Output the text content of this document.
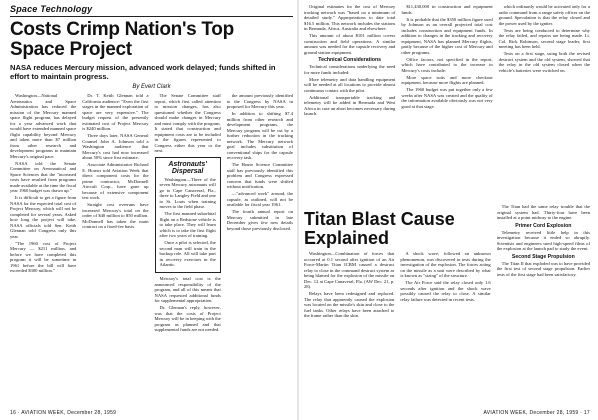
Space Technology
Costs Crimp Nation's Top Space Project
NASA reduces Mercury mission, advanced work delayed; funds shifted in effort to maintain progress.
By Evert Clark

Washington—National Aeronautics and Space Administration has reduced the mission of the Mercury manned space flight program, has delayed for a year advanced work that would have extended manned space flight capability beyond Mercury and taken more than $7 million from other research and development programs to maintain Mercury's original pace.

NASA told the Senate Committee on Aeronautical and Space Sciences that the "increased costs have resulted from programs made available at the time the fiscal year 1960 budget was drawn up."

It is difficult to get a figure from NASA for the expected total cost of Project Mercury, which will not be completed for several years. Asked how long the project will take, NASA officials told Sen. Keith Glennan told Congress only this year.

"The 1960 cost of Project Mercury — $211 million, and before we have completed this program it will be sometime in 1961 before the bill will have exceeded $300 million."

Dr. T. Keith Glennan told a California audience: "Even the first stages in the manned exploration of space are very expensive." The budget request of the presently estimated cost of Project Mercury is $240 million.

Three days later, NASA General Counsel John A. Johnson told a Washington audience that Mercury's cost had now increased about 50% since first estimate.

Associate Administrator Richard E. Horner told Aviation Week that direct component costs for the prime contractor, McDonnell Aircraft Corp., have gone up because of extensive component test work.

Straight cost overruns have increased Mercury's total on the order of $40 million to $50 million. McDonnell has taken the main contract on a fixed-fee basis.

The Senate Committee staff report, which first called attention to mission changes, has also questioned whether the Congress should make changes in Mercury and must comply with the program. It stated that construction and equipment costs are to be included in the figures represented to Congress either this year or the next.

Astronauts' Dispersal

Washington—Three of the seven Mercury astronauts will go to Cape Canaveral, Fla., three to Langley Field and one to St. Louis when training moves to the field phase.

The first manned suborbital flight on a Redstone vehicle is to take place. They will learn which is to take the first flight after two years of training.

Once a pilot is selected, the second man will train in the backup role. All will take part in recovery exercises in the Atlantic.

Mercury's total cost is the announced responsibility of the program, and all of this means that NASA requested additional funds for supplemental appropriation.

Dr. Glennan's reply, however, was that the costs of Project Mercury will be in keeping with the program as planned and that supplemental funds are not needed.

the amount previously identified to the Congress by NASA in proposed for Mercury this year.

In addition to shifting $7.4 million from other research and development programs, the Mercury program will be cut by a further reduction in the tracking network. The Mercury network goal includes substitution of conventional ships for the capsule recovery task.

The House Science Committee staff has previously identified this problem and Congress expressed concern that funds were shifted without notification.

—"advanced work" around, the capsule, as outlined, will not be available for fiscal year 1961.

The fourth annual report on Mercury submitted in late December gives few new details beyond those previously disclosed.

16 · AVIATION WEEK, December 28, 1959

Original estimates for the cost of Mercury tracking network was "based on a minimum of detailed study." Appropriations to date total $16.5 million. This network includes the stations in Bermuda, Africa, Australia and elsewhere.

This amount of about $101 million covers construction and field operations. A similar amount was needed for the capsule recovery and ground station equipment.

Technical Considerations

Technical considerations underlying the need for more funds included:

More telemetry and data handling equipment will be needed at all locations to provide almost continuous contact with the pilot.

Additional transportable tracking and telemetry will be added in Bermuda and West Africa in case an abort becomes necessary during launch.

$11,430,000 in construction and equipment funds.

It is probable that the $350 million figure used by Johnson as an overall projected total cost includes construction and equipment funds. In addition to changes in the tracking and recovery equipment, NASA has planned Mercury flights, partly because of the higher cost of Mercury and other programs.

Office factors, not specified in the report, which have contributed to the increase in Mercury's costs include:

More space suits and more checkout equipment, because more flights are planned.

The 1960 budget was put together only a few weeks after NASA was created and the quality of the information available obviously was not very good at that stage.

which ordinarily would be activated only for a radio command from a range safety officer on the ground. Speculation is that the relay closed and the power used by the igniter.

Tests are being conducted to determine why the relay failed, and repairs are being made. Lt. Col. Rick Robinson, second stage leader, first meeting has been held.

Tests on a first stage, using both the revised destruct system and the old system, showed that the relay in the old system closed when the vehicle's batteries were switched on.

Titan Blast Cause Explained

Washington—Combination of forces that occurred at 0.1 second after ignition of an Air Force-Martin Titan ICBM caused a destruct relay to close in the command destruct system as being blamed for the explosion of the missile on Dec. 12 at Cape Canaveral, Fla. (AW Dec. 21, p. 28).

Relays have been redesigned and replaced. The relay that apparently caused the explosion was located on the missile's skin and close to the fuel tanks. Other relays have been attached to the frame rather than the skin.

A shock wave, followed an unknown phenomenon, was discovered in tests during the investigation of the explosion. The forces acting on the missile as a unit were described by what is known as "sizing" of the structure.

The Air Force said the relay closed only 1.6 seconds after ignition and the shock wave possibly caused the relay to close. A similar relay failure was detected in recent tests.

The Titan had the same relay trouble that the original system had. Thirty-four have been installed at a point midway to the engine.

Primer Cord Explosion

Telemetry received little help in this investigation because it ended so abruptly. Scientists and engineers used high-speed films of the explosion at the launch pad to study the event.

Second Stage Propulsion

The Titan II that exploded was to have provided the first test of second stage propulsion. Earlier tests of the first stage had been satisfactory.

AVIATION WEEK, December 28, 1959 · 17
